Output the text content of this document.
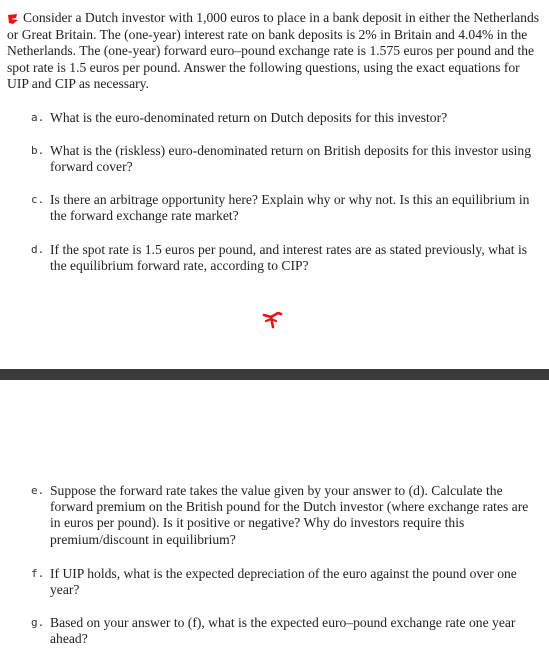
Consider a Dutch investor with 1,000 euros to place in a bank deposit in either the Netherlands or Great Britain. The (one-year) interest rate on bank deposits is 2% in Britain and 4.04% in the Netherlands. The (one-year) forward euro–pound exchange rate is 1.575 euros per pound and the spot rate is 1.5 euros per pound. Answer the following questions, using the exact equations for UIP and CIP as necessary.
a. What is the euro-denominated return on Dutch deposits for this investor?
b. What is the (riskless) euro-denominated return on British deposits for this investor using forward cover?
c. Is there an arbitrage opportunity here? Explain why or why not. Is this an equilibrium in the forward exchange rate market?
d. If the spot rate is 1.5 euros per pound, and interest rates are as stated previously, what is the equilibrium forward rate, according to CIP?
e. Suppose the forward rate takes the value given by your answer to (d). Calculate the forward premium on the British pound for the Dutch investor (where exchange rates are in euros per pound). Is it positive or negative? Why do investors require this premium/discount in equilibrium?
f. If UIP holds, what is the expected depreciation of the euro against the pound over one year?
g. Based on your answer to (f), what is the expected euro–pound exchange rate one year ahead?
